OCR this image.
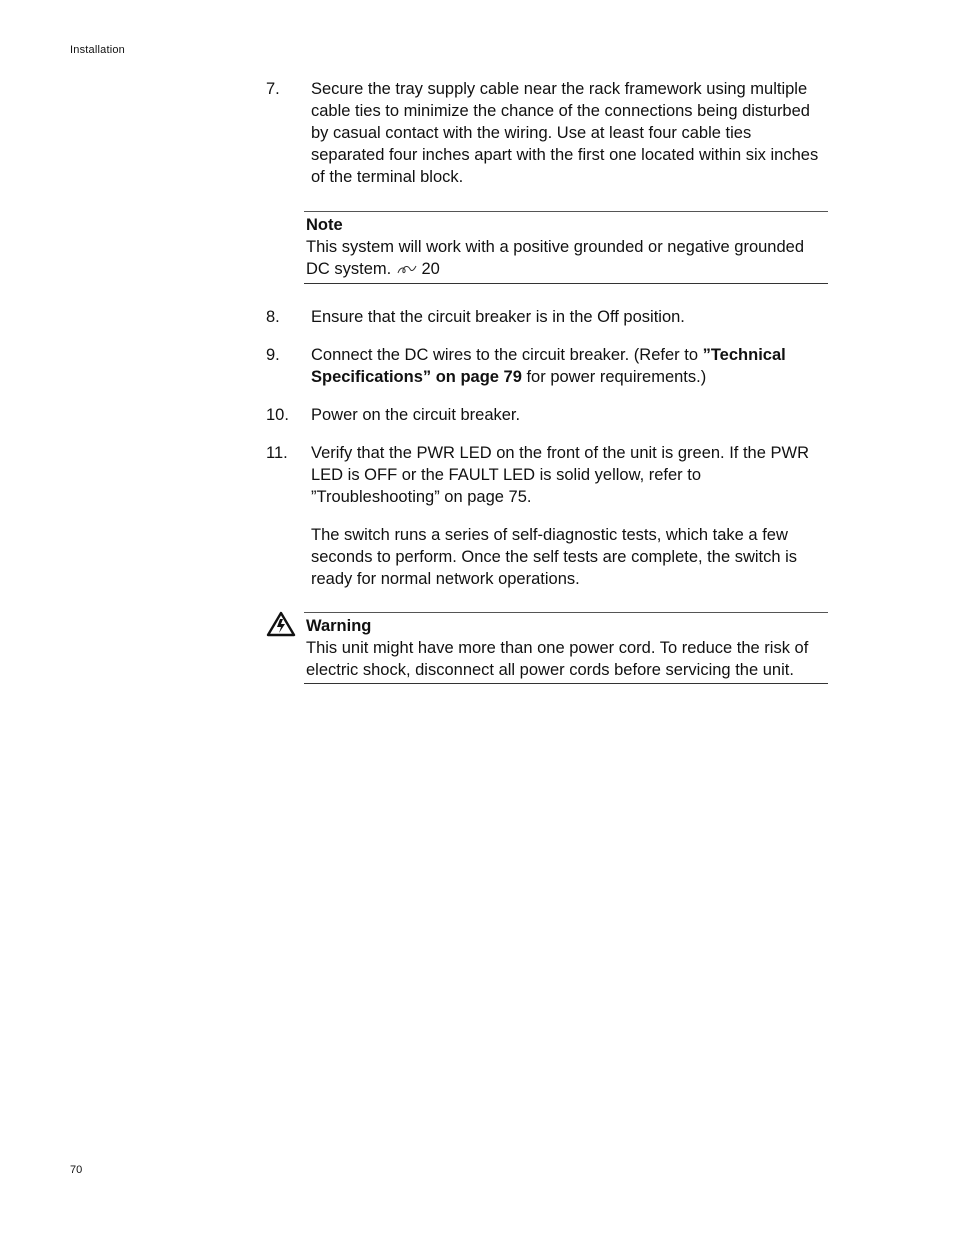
Installation
7. Secure the tray supply cable near the rack framework using multiple cable ties to minimize the chance of the connections being disturbed by casual contact with the wiring. Use at least four cable ties separated four inches apart with the first one located within six inches of the terminal block.
Note
This system will work with a positive grounded or negative grounded DC system. 20
8. Ensure that the circuit breaker is in the Off position.
9. Connect the DC wires to the circuit breaker. (Refer to ”Technical Specifications” on page 79 for power requirements.)
10. Power on the circuit breaker.
11. Verify that the PWR LED on the front of the unit is green. If the PWR LED is OFF or the FAULT LED is solid yellow, refer to ”Troubleshooting” on page 75.
The switch runs a series of self-diagnostic tests, which take a few seconds to perform. Once the self tests are complete, the switch is ready for normal network operations.
Warning
This unit might have more than one power cord. To reduce the risk of electric shock, disconnect all power cords before servicing the unit.
70
